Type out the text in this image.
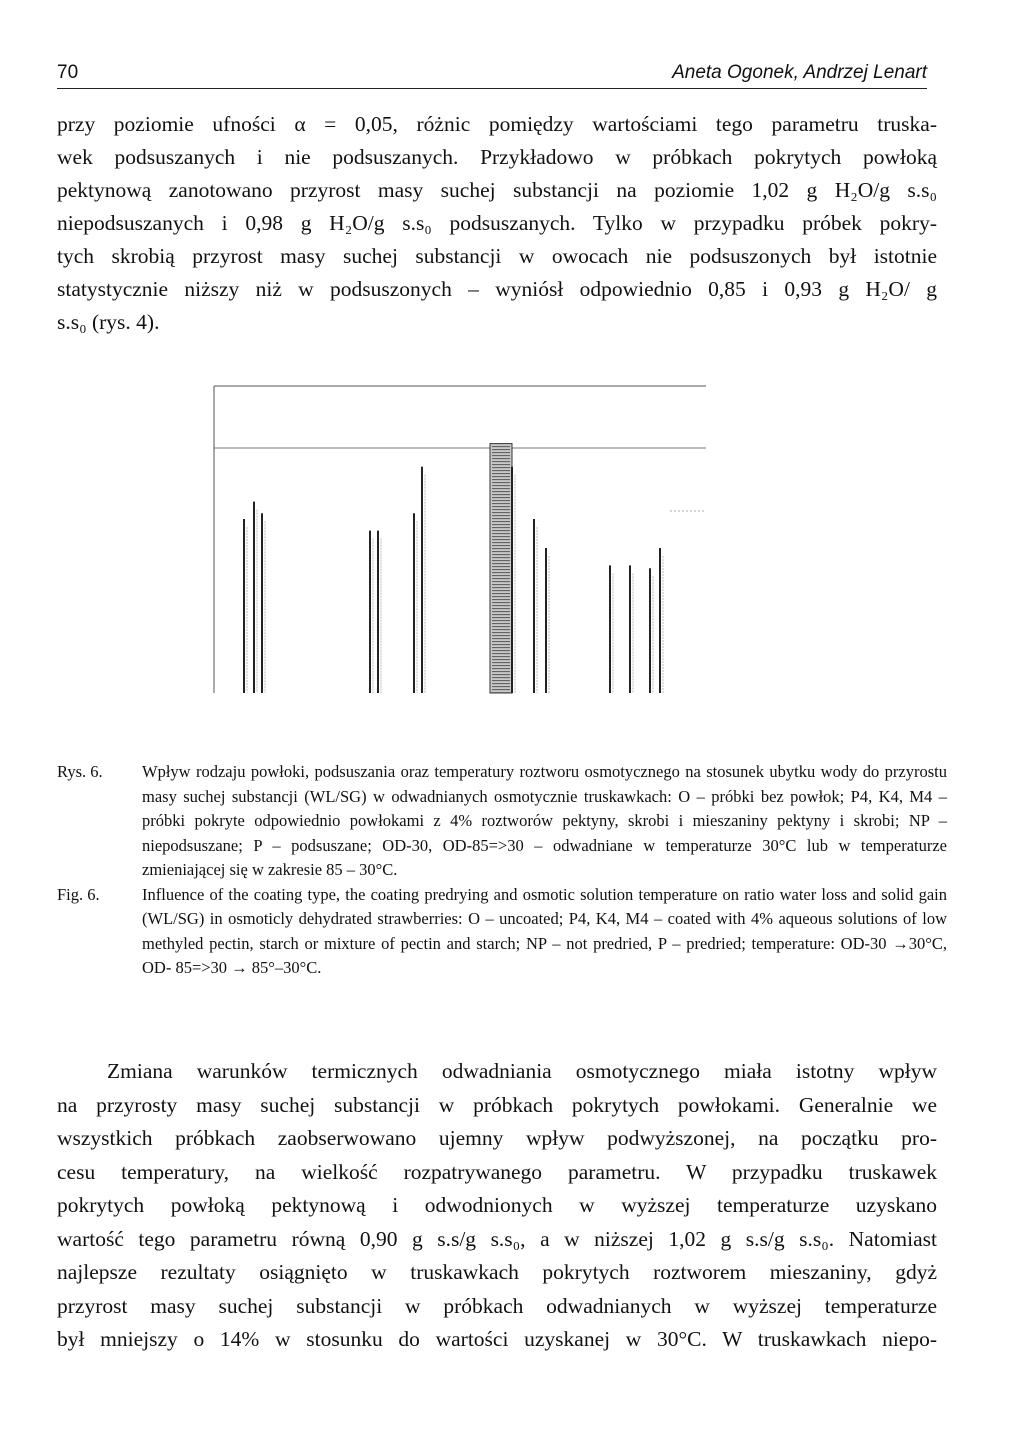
70	Aneta Ogonek, Andrzej Lenart
przy poziomie ufności α = 0,05, różnic pomiędzy wartościami tego parametru truska-
wek podsuszanych i nie podsuszanych. Przykładowo w próbkach pokrytych powłoką
pektynową zanotowano przyrost masy suchej substancji na poziomie 1,02 g H₂O/g s.s₀
niepodsuszanych i 0,98 g H₂O/g s.s₀ podsuszanych. Tylko w przypadku próbek pokry-
tych skrobią przyrost masy suchej substancji w owocach nie podsuszonych był istotnie
statystycznie niższy niż w podsuszonych – wyniósł odpowiednio 0,85 i 0,93 g H₂O/ g
s.s₀ (rys. 4).
Rys. 6.	Wpływ rodzaju powłoki, podsuszania oraz temperatury roztworu osmotycznego na stosunek ubytku wody do przyrostu masy suchej substancji (WL/SG) w odwadnianych osmotycznie truskawkach: O – próbki bez powłok; P4, K4, M4 – próbki pokryte odpowiednio powłokami z 4% roztworów pektyny, skrobi i mieszaniny pektyny i skrobi; NP – niepodsuszane; P – podsuszane; OD-30, OD-85=>30 – odwadniane w temperaturze 30°C lub w temperaturze zmieniającej się w zakresie 85 – 30°C.
Fig. 6.	Influence of the coating type, the coating predrying and osmotic solution temperature on ratio water loss and solid gain (WL/SG) in osmoticly dehydrated strawberries: O – uncoated; P4, K4, M4 – coated with 4% aqueous solutions of low methyled pectin, starch or mixture of pectin and starch; NP – not predried, P – predried; temperature: OD-30 →30°C, OD- 85=>30 → 85°–30°C.
Zmiana warunków termicznych odwadniania osmotycznego miała istotny wpływ
na przyrosty masy suchej substancji w próbkach pokrytych powłokami. Generalnie we
wszystkich próbkach zaobserwowano ujemny wpływ podwyższonej, na początku pro-
cesu temperatury, na wielkość rozpatrywanego parametru. W przypadku truskawek
pokrytych powłoką pektynową i odwodnionych w wyższej temperaturze uzyskano
wartość tego parametru równą 0,90 g s.s/g s.s₀, a w niższej 1,02 g s.s/g s.s₀. Natomiast
najlepsze rezultaty osiągnięto w truskawkach pokrytych roztworem mieszaniny, gdyż
przyrost masy suchej substancji w próbkach odwadnianych w wyższej temperaturze
był mniejszy o 14% w stosunku do wartości uzyskanej w 30°C. W truskawkach niepo-
